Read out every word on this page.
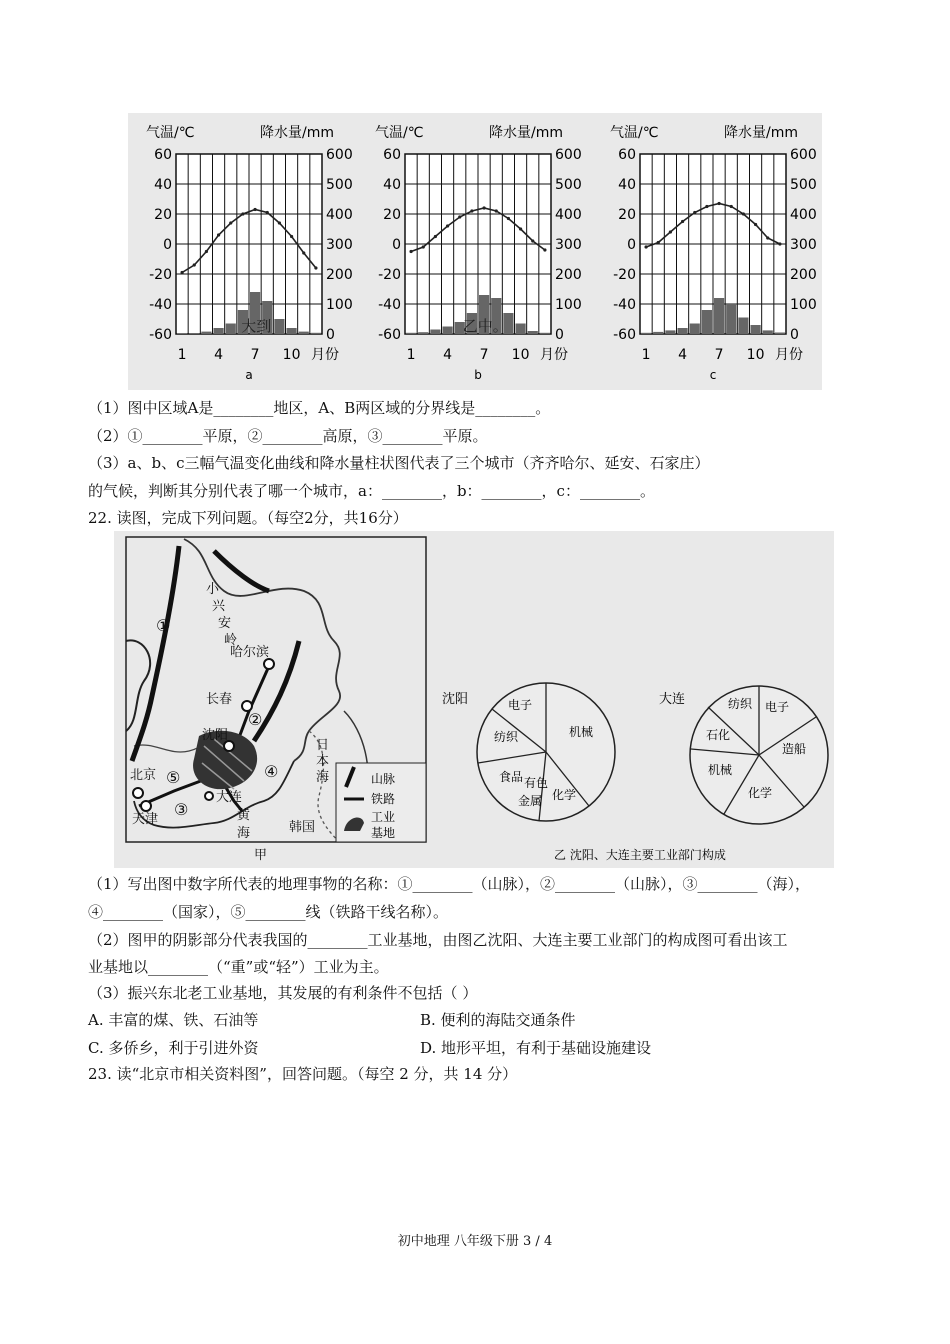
气温/℃	降水量/mm
60	600
40	500
20	400
0	300
-20	200
-40	100
-60	0
1 4 7 10 月份
a
大到
气温/℃	降水量/mm
60	600
40	500
20	400
0	300
-20	200
-40	100
-60	0
1 4 7 10 月份
b
乙中。
气温/℃	降水量/mm
60	600
40	500
20	400
0	300
-20	200
-40	100
-60	0
1 4 7 10 月份
c
（1）图中区域A是________地区，A、B两区域的分界线是________。
（2）①________平原，②________高原，③________平原。
（3）a、b、c三幅气温变化曲线和降水量柱状图代表了三个城市（齐齐哈尔、延安、石家庄）
的气候，判断其分别代表了哪一个城市，a：________，b：________，c：________。
22. 读图，完成下列问题。（每空2分，共16分）
①
小
兴
安
岭
哈尔滨
长春
②
沈阳
④
⑤
北京
天津
③
大连
黄
海	韩国
日
本
海
甲
山脉
铁路
工业
基地
沈阳	电子
机械
纺织
食品 有色
金属 化学
大连	纺织 电子
石化
造船
机械
化学
乙 沈阳、大连主要工业部门构成
（1）写出图中数字所代表的地理事物的名称：①________（山脉），②________（山脉），③________（海），
④________（国家），⑤________线（铁路干线名称）。
（2）图甲的阴影部分代表我国的________工业基地，由图乙沈阳、大连主要工业部门的构成图可看出该工
业基地以________（“重”或“轻”）工业为主。
（3）振兴东北老工业基地，其发展的有利条件不包括（ ）
A. 丰富的煤、铁、石油等	B. 便利的海陆交通条件
C. 多侨乡，利于引进外资	D. 地形平坦，有利于基础设施建设
23. 读“北京市相关资料图”，回答问题。（每空 2 分，共 14 分）
初中地理 八年级下册 3 / 4
